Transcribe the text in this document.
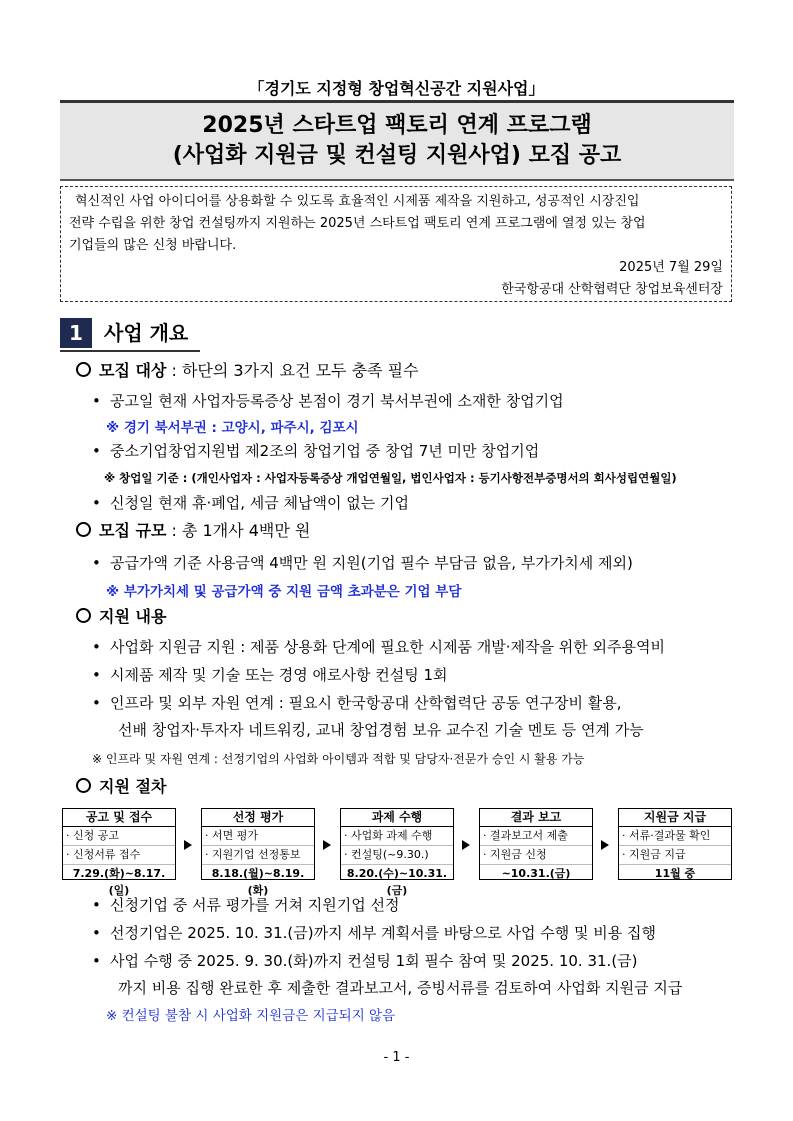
「경기도 지정형 창업혁신공간 지원사업」
2025년 스타트업 팩토리 연계 프로그램
(사업화 지원금 및 컨설팅 지원사업) 모집 공고
혁신적인 사업 아이디어를 상용화할 수 있도록 효율적인 시제품 제작을 지원하고, 성공적인 시장진입
전략 수립을 위한 창업 컨설팅까지 지원하는 2025년 스타트업 팩토리 연계 프로그램에 열정 있는 창업
기업들의 많은 신청 바랍니다.
2025년 7월 29일
한국항공대 산학협력단 창업보육센터장
1	사업 개요
모집 대상 : 하단의 3가지 요건 모두 충족 필수
• 공고일 현재 사업자등록증상 본점이 경기 북서부권에 소재한 창업기업
※ 경기 북서부권 : 고양시, 파주시, 김포시
• 중소기업창업지원법 제2조의 창업기업 중 창업 7년 미만 창업기업
※ 창업일 기준 : (개인사업자 : 사업자등록증상 개업연월일, 법인사업자 : 등기사항전부증명서의 회사성립연월일)
• 신청일 현재 휴·폐업, 세금 체납액이 없는 기업
모집 규모 : 총 1개사 4백만 원
• 공급가액 기준 사용금액 4백만 원 지원(기업 필수 부담금 없음, 부가가치세 제외)
※ 부가가치세 및 공급가액 중 지원 금액 초과분은 기업 부담
지원 내용
• 사업화 지원금 지원 : 제품 상용화 단계에 필요한 시제품 개발·제작을 위한 외주용역비
• 시제품 제작 및 기술 또는 경영 애로사항 컨설팅 1회
• 인프라 및 외부 자원 연계 : 필요시 한국항공대 산학협력단 공동 연구장비 활용,
선배 창업자·투자자 네트워킹, 교내 창업경험 보유 교수진 기술 멘토 등 연계 가능
※ 인프라 및 자원 연계 : 선정기업의 사업화 아이템과 적합 및 담당자·전문가 승인 시 활용 가능
지원 절차
공고 및 접수
· 신청 공고
· 신청서류 접수
7.29.(화)~8.17.(일)
선정 평가
· 서면 평가
· 지원기업 선정통보
8.18.(월)~8.19.(화)
과제 수행
· 사업화 과제 수행
· 컨설팅(~9.30.)
8.20.(수)~10.31.(금)
결과 보고
· 결과보고서 제출
· 지원금 신청
~10.31.(금)
지원금 지급
· 서류·결과물 확인
· 지원금 지급
11월 중
• 신청기업 중 서류 평가를 거쳐 지원기업 선정
• 선정기업은 2025. 10. 31.(금)까지 세부 계획서를 바탕으로 사업 수행 및 비용 집행
• 사업 수행 중 2025. 9. 30.(화)까지 컨설팅 1회 필수 참여 및 2025. 10. 31.(금)
까지 비용 집행 완료한 후 제출한 결과보고서, 증빙서류를 검토하여 사업화 지원금 지급
※ 컨설팅 불참 시 사업화 지원금은 지급되지 않음
- 1 -
